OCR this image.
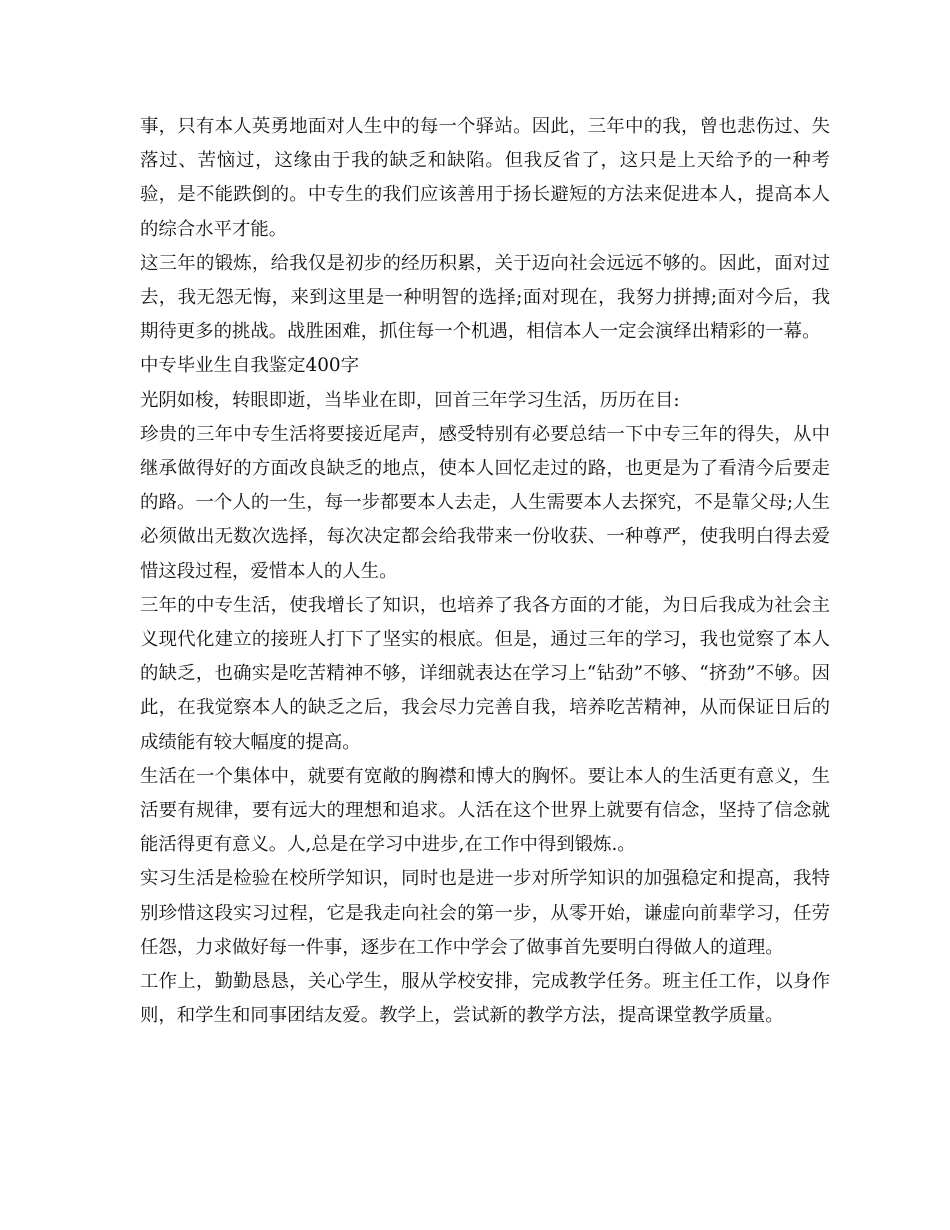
事，只有本人英勇地面对人生中的每一个驿站。因此，三年中的我，曾也悲伤过、失落过、苦恼过，这缘由于我的缺乏和缺陷。但我反省了，这只是上天给予的一种考验，是不能跌倒的。中专生的我们应该善用于扬长避短的方法来促进本人，提高本人的综合水平才能。

这三年的锻炼，给我仅是初步的经历积累，关于迈向社会远远不够的。因此，面对过去，我无怨无悔，来到这里是一种明智的选择;面对现在，我努力拼搏;面对今后，我期待更多的挑战。战胜困难，抓住每一个机遇，相信本人一定会演绎出精彩的一幕。

中专毕业生自我鉴定400字

光阴如梭，转眼即逝，当毕业在即，回首三年学习生活，历历在目:

珍贵的三年中专生活将要接近尾声，感受特别有必要总结一下中专三年的得失，从中继承做得好的方面改良缺乏的地点，使本人回忆走过的路，也更是为了看清今后要走的路。一个人的一生，每一步都要本人去走，人生需要本人去探究，不是靠父母;人生必须做出无数次选择，每次决定都会给我带来一份收获、一种尊严，使我明白得去爱惜这段过程，爱惜本人的人生。

三年的中专生活，使我增长了知识，也培养了我各方面的才能，为日后我成为社会主义现代化建立的接班人打下了坚实的根底。但是，通过三年的学习，我也觉察了本人的缺乏，也确实是吃苦精神不够，详细就表达在学习上“钻劲”不够、“挤劲”不够。因此，在我觉察本人的缺乏之后，我会尽力完善自我，培养吃苦精神，从而保证日后的成绩能有较大幅度的提高。

生活在一个集体中，就要有宽敞的胸襟和博大的胸怀。要让本人的生活更有意义，生活要有规律，要有远大的理想和追求。人活在这个世界上就要有信念，坚持了信念就能活得更有意义。人,总是在学习中进步,在工作中得到锻炼.。

实习生活是检验在校所学知识，同时也是进一步对所学知识的加强稳定和提高，我特别珍惜这段实习过程，它是我走向社会的第一步，从零开始，谦虚向前辈学习，任劳任怨，力求做好每一件事，逐步在工作中学会了做事首先要明白得做人的道理。

工作上，勤勤恳恳，关心学生，服从学校安排，完成教学任务。班主任工作，以身作则，和学生和同事团结友爱。教学上，尝试新的教学方法，提高课堂教学质量。
